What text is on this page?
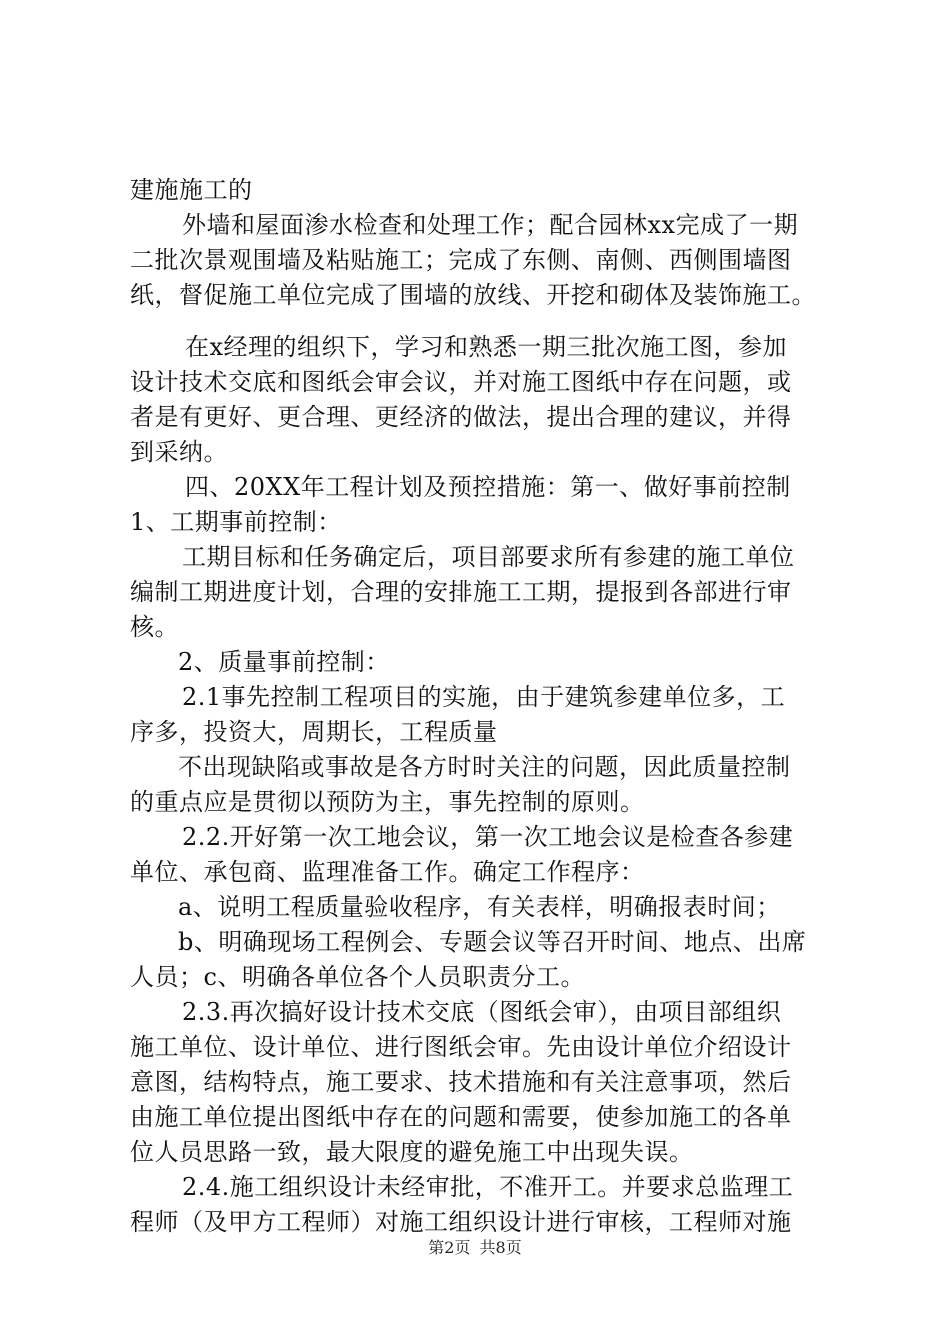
建施施工的
外墙和屋面渗水检查和处理工作；配合园林xx完成了一期
二批次景观围墙及粘贴施工；完成了东侧、南侧、西侧围墙图
纸，督促施工单位完成了围墙的放线、开挖和砌体及装饰施工。
在x经理的组织下，学习和熟悉一期三批次施工图，参加
设计技术交底和图纸会审会议，并对施工图纸中存在问题，或
者是有更好、更合理、更经济的做法，提出合理的建议，并得
到采纳。
四、20XX年工程计划及预控措施：第一、做好事前控制
1、工期事前控制：
工期目标和任务确定后，项目部要求所有参建的施工单位
编制工期进度计划，合理的安排施工工期，提报到各部进行审
核。
2、质量事前控制：
2.1事先控制工程项目的实施，由于建筑参建单位多，工
序多，投资大，周期长，工程质量
不出现缺陷或事故是各方时时关注的问题，因此质量控制
的重点应是贯彻以预防为主，事先控制的原则。
2.2.开好第一次工地会议，第一次工地会议是检查各参建
单位、承包商、监理准备工作。确定工作程序：
a、说明工程质量验收程序，有关表样，明确报表时间；
b、明确现场工程例会、专题会议等召开时间、地点、出席
人员；c、明确各单位各个人员职责分工。
2.3.再次搞好设计技术交底（图纸会审），由项目部组织
施工单位、设计单位、进行图纸会审。先由设计单位介绍设计
意图，结构特点，施工要求、技术措施和有关注意事项，然后
由施工单位提出图纸中存在的问题和需要，使参加施工的各单
位人员思路一致，最大限度的避免施工中出现失误。
2.4.施工组织设计未经审批，不准开工。并要求总监理工
程师（及甲方工程师）对施工组织设计进行审核，工程师对施
第2页 共8页
